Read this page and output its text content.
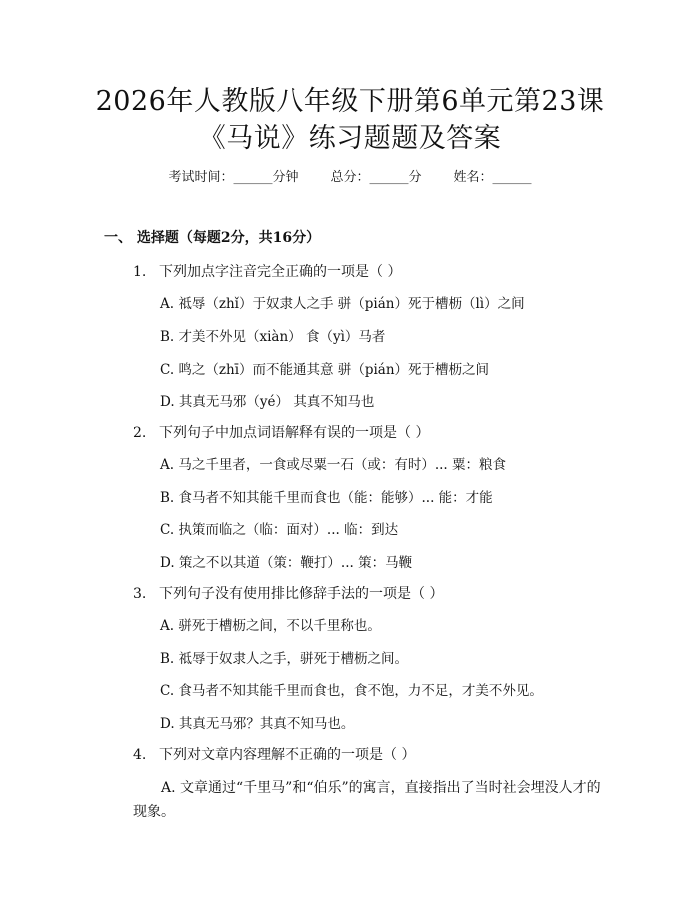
2026年人教版八年级下册第6单元第23课
《马说》练习题题及答案
考试时间：______分钟 总分：______分 姓名：______
一、 选择题（每题2分，共16分）
1. 下列加点字注音完全正确的一项是（ ）
A. 祗辱（zhǐ）于奴隶人之手 骈（pián）死于槽枥（lì）之间
B. 才美不外见（xiàn） 食（yì）马者
C. 鸣之（zhī）而不能通其意 骈（pián）死于槽枥之间
D. 其真无马邪（yé） 其真不知马也
2. 下列句子中加点词语解释有误的一项是（ ）
A. 马之千里者，一食或尽粟一石（或：有时）... 粟：粮食
B. 食马者不知其能千里而食也（能：能够）... 能：才能
C. 执策而临之（临：面对）... 临：到达
D. 策之不以其道（策：鞭打）... 策：马鞭
3. 下列句子没有使用排比修辞手法的一项是（ ）
A. 骈死于槽枥之间，不以千里称也。
B. 祗辱于奴隶人之手，骈死于槽枥之间。
C. 食马者不知其能千里而食也，食不饱，力不足，才美不外见。
D. 其真无马邪？其真不知马也。
4. 下列对文章内容理解不正确的一项是（ ）
A. 文章通过“千里马”和“伯乐”的寓言，直接指出了当时社会埋没人才的现象。
